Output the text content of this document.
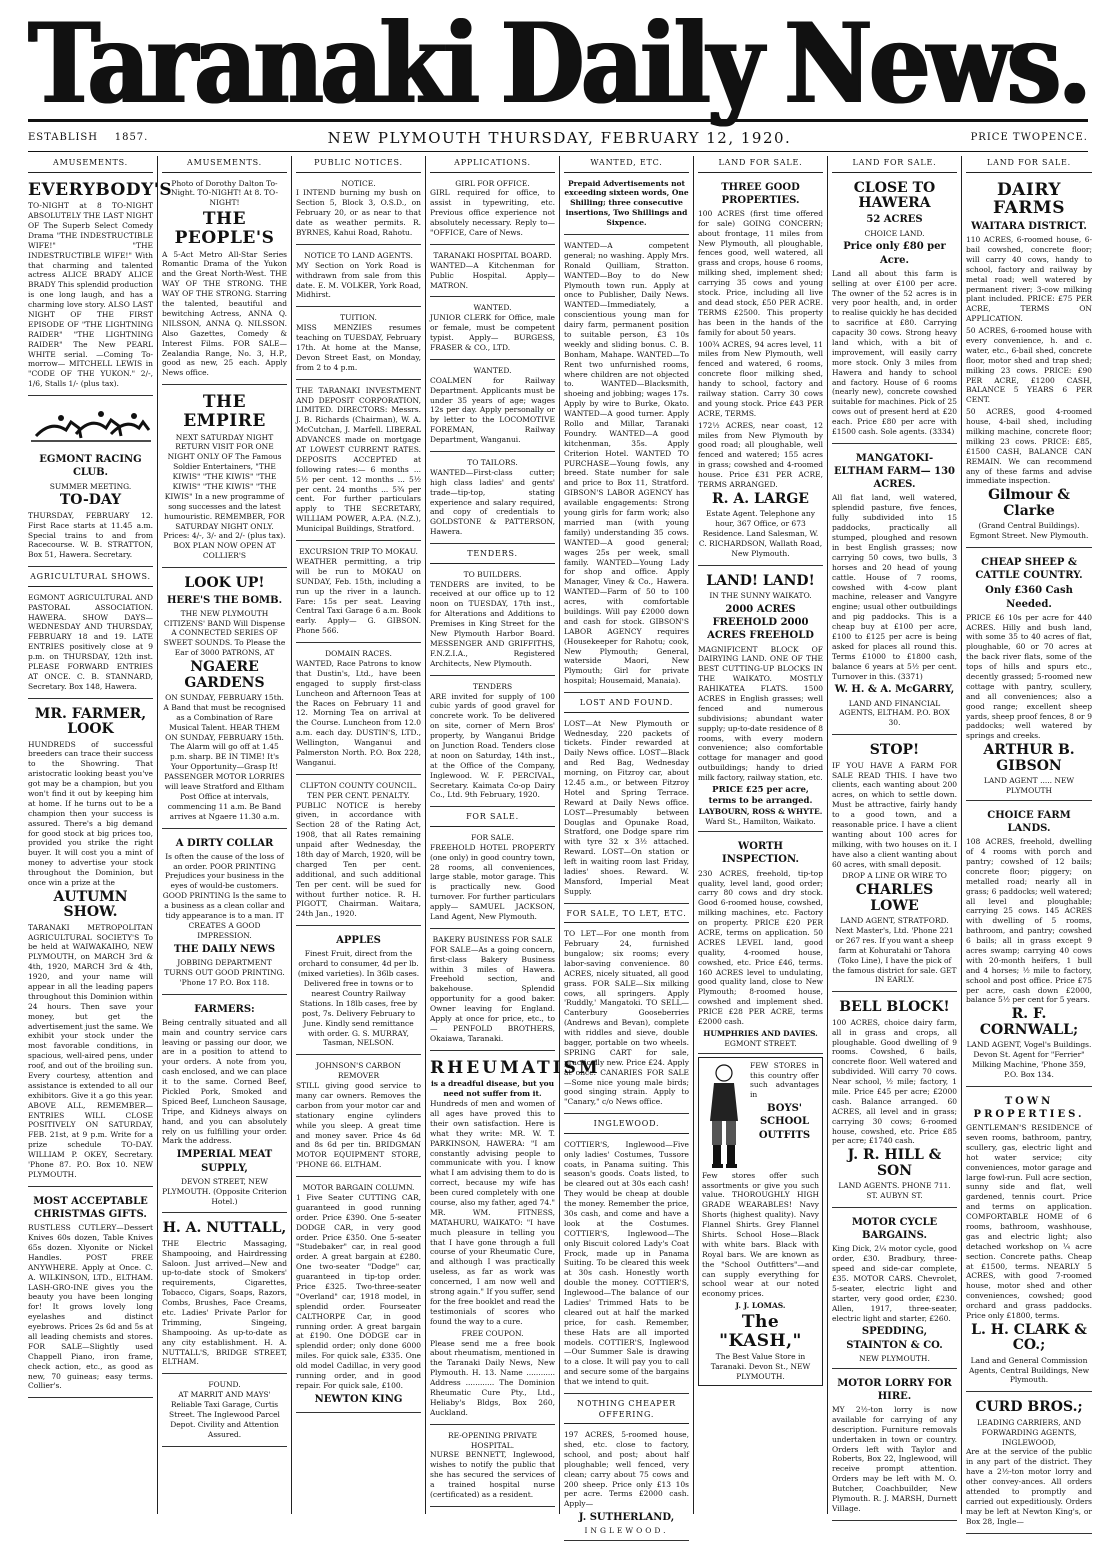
Taranaki Daily News.
ESTABLISH    1857.	NEW PLYMOUTH THURSDAY, FEBRUARY 12, 1920.	PRICE TWOPENCE.
AMUSEMENTS.
EVERYBODY'S

TO-NIGHT at 8 TO-NIGHT ABSOLUTELY THE LAST NIGHT OF The Superb Select Comedy Drama "THE INDESTRUCTIBLE WIFE!" "THE INDESTRUCTIBLE WIFE!" With that charming and talented actress ALICE BRADY ALICE BRADY This splendid production is one long laugh, and has a charming love story. ALSO LAST NIGHT OF THE FIRST EPISODE OF "THE LIGHTNING RAIDER" "THE LIGHTNING RAIDER" The New PEARL WHITE serial. —Coming To-morrow— MITCHELL LEWIS in "CODE OF THE YUKON." 2/-, 1/6, Stalls 1/- (plus tax).

EGMONT RACING CLUB.
SUMMER MEETING.
TO-DAY

THURSDAY, FEBRUARY 12. First Race starts at 11.45 a.m. Special trains to and from Racecourse. W. B. STRATTON, Box 51, Hawera. Secretary.

AGRICULTURAL SHOWS.

EGMONT AGRICULTURAL AND PASTORAL ASSOCIATION. HAWERA. SHOW DAYS— WEDNESDAY AND THURSDAY, FEBRUARY 18 and 19. LATE ENTRIES positively close at 9 p.m. on THURSDAY, 12th inst. PLEASE FORWARD ENTRIES AT ONCE. C. B. STANNARD, Secretary. Box 148, Hawera.

MR. FARMER, LOOK

HUNDREDS of successful breeders can trace their success to the Showring. That aristocratic looking beast you've got may be a champion, but you won't find it out by keeping him at home. If he turns out to be a champion then your success is assured. There's a big demand for good stock at big prices too, provided you strike the right buyer. It will cost you a mint of money to advertise your stock throughout the Dominion, but once win a prize at the

AUTUMN SHOW.

TARANAKI METROPOLITAN AGRICULTURAL SOCIETY'S To be held at WAIWAKAIHO, NEW PLYMOUTH, on MARCH 3rd & 4th, 1920, MARCH 3rd & 4th, 1920, and your name will appear in all the leading papers throughout this Dominion within 24 hours. Then save your money, but get the advertisement just the same. We exhibit your stock under the most favorable conditions, in spacious, well-aired pens, under roof, and out of the broiling sun. Every courtesy, attention and assistance is extended to all our exhibitors. Give it a go this year. ABOVE ALL, REMEMBER— ENTRIES WILL CLOSE POSITIVELY ON SATURDAY, FEB. 21st, at 9 p.m. Write for a prize schedule TO-DAY. WILLIAM P. OKEY, Secretary. 'Phone 87. P.O. Box 10. NEW PLYMOUTH.

MOST ACCEPTABLE CHRISTMAS GIFTS.

RUSTLESS CUTLERY—Dessert Knives 60s dozen, Table Knives 65s dozen. Xlyonite or Nickel Handles. POST FREE ANYWHERE. Apply at Once. C. A. WILKINSON, LTD., ELTHAM. LASH-GRO-INE gives you the beauty you have been longing for! It grows lovely long eyelashes and distinct eyebrows. Prices 2s 6d and 5s at all leading chemists and stores. FOR SALE—Slightly used Chappell Piano, iron frame, check action, etc., as good as new, 70 guineas; easy terms. Collier's.

AMUSEMENTS.

Photo of Dorothy Dalton To-Night. TO-NIGHT! At 8. TO-NIGHT!

THE PEOPLE'S

A 5-Act Metro All-Star Series Romantic Drama of the Yukon and the Great North-West. THE WAY OF THE STRONG. THE WAY OF THE STRONG. Starring the talented, beautiful and bewitching Actress, ANNA Q. NILSSON, ANNA Q. NILSSON. Also Gazettes, Comedy & Interest Films. FOR SALE—Zealandia Range, No. 3, H.P., good as new, 25 each. Apply News office.

THE EMPIRE

NEXT SATURDAY NIGHT RETURN VISIT FOR ONE NIGHT ONLY OF The Famous Soldier Entertainers, "THE KIWIS" "THE KIWIS" "THE KIWIS" "THE KIWIS" "THE KIWIS" In a new programme of song successes and the latest humouristic. REMEMBER, FOR SATURDAY NIGHT ONLY. Prices: 4/-, 3/- and 2/- (plus tax). BOX PLAN NOW OPEN AT COLLIER'S

LOOK UP!
HERE'S THE BOMB.

THE NEW PLYMOUTH CITIZENS' BAND Will Dispense A CONNECTED SERIES OF SWEET SOUNDS. To Please the Ear of 3000 PATRONS, AT

NGAERE GARDENS

ON SUNDAY, FEBRUARY 15th. A Band that must be recognised as a Combination of Rare Musical Talent. HEAR THEM ON SUNDAY, FEBRUARY 15th. The Alarm will go off at 1.45 p.m. sharp. BE IN TIME! It's Your Opportunity—Grasp It! PASSENGER MOTOR LORRIES will leave Stratford and Eltham Post Office at intervals, commencing 11 a.m. Be Band arrives at Ngaere 11.30 a.m.

A DIRTY COLLAR

Is often the cause of the loss of an order. POOR PRINTING Prejudices your business in the eyes of would-be customers. GOOD PRINTING Is the same to a business as a clean collar and tidy appearance is to a man. IT CREATES A GOOD IMPRESSION.

THE DAILY NEWS

JOBBING DEPARTMENT TURNS OUT GOOD PRINTING. 'Phone 17 P.O. Box 118.

FARMERS:

Being centrally situated and all main and country service cars leaving or passing our door, we are in a position to attend to your orders. A note from you, cash enclosed, and we can place it to the same. Corned Beef, Pickled Pork, Smoked and Spiced Beef, Luncheon Sausage, Tripe, and Kidneys always on hand, and you can absolutely rely on us fulfilling your order. Mark the address.

IMPERIAL MEAT SUPPLY,

DEVON STREET, NEW PLYMOUTH. (Opposite Criterion Hotel.)

H. A. NUTTALL,

THE Electric Massaging, Shampooing, and Hairdressing Saloon. Just arrived—New and up-to-date stock of Smokers' requirements, Cigarettes, Tobacco, Cigars, Soaps, Razors, Combs, Brushes, Face Creams, etc. Ladies' Private Parlor for Trimming, Singeing, Shampooing. As up-to-date as any city establishment. H. A. NUTTALL'S, BRIDGE STREET, ELTHAM.

FOUND.

AT MARRIT AND MAYS' Reliable Taxi Garage, Curtis Street. The Inglewood Parcel Depot. Civility and Attention Assured.

PUBLIC NOTICES.
NOTICE.

I INTEND burning my bush on Section 5, Block 3, O.S.D., on February 20, or as near to that date as weather permits. R. BYRNES, Kahui Road, Rahotu.

NOTICE TO LAND AGENTS.

MY Section on York Road is withdrawn from sale from this date. E. M. VOLKER, York Road, Midhirst.

TUITION.

MISS MENZIES resumes teaching on TUESDAY, February 17th. At home at the Manse, Devon Street East, on Monday, from 2 to 4 p.m.

THE TARANAKI INVESTMENT AND DEPOSIT CORPORATION, LIMITED. DIRECTORS: Messrs. J. B. Richards (Chairman), W. A. McCutchan, J. Marfell. LIBERAL ADVANCES made on mortgage AT LOWEST CURRENT RATES. DEPOSITS ACCEPTED at following rates:— 6 months ... 5½ per cent. 12 months ... 5½ per cent. 24 months ... 5¾ per cent. For further particulars apply to THE SECRETARY, WILLIAM POWER, A.P.A. (N.Z.), Municipal Buildings, Stratford.

EXCURSION TRIP TO MOKAU.

WEATHER permitting, a trip will be run to MOKAU on SUNDAY, Feb. 15th, including a run up the river in a launch. Fare: 15s per seat. Leaving Central Taxi Garage 6 a.m. Book early. Apply— G. GIBSON. Phone 566.

DOMAIN RACES.

WANTED, Race Patrons to know that Dustin's, Ltd., have been engaged to supply first-class Luncheon and Afternoon Teas at the Races on February 11 and 12. Morning Tea on arrival at the Course. Luncheon from 12.0 a.m. each day. DUSTIN'S, LTD., Wellington, Wanganui and Palmerston North. P.O. Box 228, Wanganui.

CLIFTON COUNTY COUNCIL.
TEN PER CENT. PENALTY.

PUBLIC NOTICE is hereby given, in accordance with Section 28 of the Rating Act, 1908, that all Rates remaining unpaid after Wednesday, the 18th day of March, 1920, will be charged Ten per cent. additional, and such additional Ten per cent. will be sued for without further notice. R. H. PIGOTT, Chairman. Waitara, 24th Jan., 1920.

APPLES

Finest Fruit, direct from the orchard to consumer, 4d per lb. (mixed varieties). In 36lb cases. Delivered free in towns or to nearest Country Railway Stations. In 18lb cases, free by post, 7s. Delivery February to June. Kindly send remittance with order. G. S. MURRAY, Tasman, NELSON.

JOHNSON'S CARBON REMOVER

STILL giving good service to many car owners. Removes the carbon from your motor car and stationary engine cylinders while you sleep. A great time and money saver. Price 4s 6d and 8s 6d per tin. BRIDGMAN MOTOR EQUIPMENT STORE, 'PHONE 66. ELTHAM.

MOTOR BARGAIN COLUMN.

1 Five Seater CUTTING CAR, guaranteed in good running order. Price £390. One 5-seater DODGE CAR, in very good order. Price £350. One 5-seater "Studebaker" car, in real good order. A great bargain at £280. One two-seater "Dodge" car, guaranteed in tip-top order. Price £325. Two-three-seater "Overland" car, 1918 model, in splendid order. Fourseater CALTHORPE Car, in good running order. A great bargain at £190. One DODGE car in splendid order; only done 6000 miles. For quick sale, £335. One old model Cadillac, in very good running order, and in good repair. For quick sale, £100.

NEWTON KING
APPLICATIONS.
GIRL FOR OFFICE.

GIRL required for office, to assist in typewriting, etc. Previous office experience not absolutely necessary. Reply to— "OFFICE, Care of News.

TARANAKI HOSPITAL BOARD.

WANTED—A Kitchenman for Public Hospital. Apply— MATRON.

WANTED.

JUNIOR CLERK for Office, male or female, must be competent typist. Apply— BURGESS, FRASER & CO., LTD.

WANTED.

COALMEN for Railway Department. Applicants must be under 35 years of age; wages 12s per day. Apply personally or by letter to the LOCOMOTIVE FOREMAN, Railway Department, Wanganui.

TO TAILORS.

WANTED—First-class cutter; high class ladies' and gents' trade—tip-top, stating experience and salary required, and copy of credentials to GOLDSTONE & PATTERSON, Hawera.

TENDERS.
TO BUILDERS.

TENDERS are invited, to be received at our office up to 12 noon on TUESDAY, 17th inst., for Alterations and Additions to Premises in King Street for the New Plymouth Harbor Board. MESSENGER AND GRIFFITHS, F.N.Z.I.A., Registered Architects, New Plymouth.

TENDERS

ARE invited for supply of 100 cubic yards of good gravel for concrete work. To be delivered on site, corner of Mern Bros' property, by Wanganui Bridge on Junction Road. Tenders close at noon on Saturday, 14th inst., at the Office of the Company, Inglewood. W. F. PERCIVAL, Secretary. Kaimata Co-op Dairy Co., Ltd. 9th February, 1920.

FOR SALE.
FOR SALE.

FREEHOLD HOTEL PROPERTY (one only) in good country town, 28 rooms, all conveniences, large stable, motor garage. This is practically new. Good turnover. For further particulars apply— SAMUEL JACKSON, Land Agent, New Plymouth.

BAKERY BUSINESS FOR SALE

FOR SALE—As a going concern, first-class Bakery Business within 3 miles of Hawera. Freehold section, and bakehouse. Splendid opportunity for a good baker. Owner leaving for England. Apply at once for price, etc., to— PENFOLD BROTHERS, Okaiawa, Taranaki.

RHEUMATISM
is a dreadful disease, but you need not suffer from it.

Hundreds of men and women of all ages have proved this to their own satisfaction. Here is what they write: MR. W. T. PARKINSON, HAWERA: "I am constantly advising people to communicate with you. I know what I am advising them to do is correct, because my wife has been cured completely with one course, also my father, aged 74." MR. WM. FITNESS, MATAHURU, WAIKATO: "I have much pleasure in telling you that I have gone through a full course of your Rheumatic Cure, and although I was practically useless, as far as work was concerned, I am now well and strong again." If you suffer, send for the free booklet and read the testimonials of scores who found the way to a cure.

FREE COUPON.

Please send me a free book about rheumatism, mentioned in the Taranaki Daily News, New Plymouth. H. 13. Name ............ Address ............ The Dominion Rheumatic Cure Pty., Ltd., Heliaby's Bldgs, Box 260, Auckland.

RE-OPENING PRIVATE HOSPITAL.

NURSE BENNETT, Inglewood, wishes to notify the public that she has secured the services of a trained hospital nurse (certificated) as a resident.

WANTED, ETC.

Prepaid Advertisements not exceeding sixteen words, One Shilling; three consecutive insertions, Two Shillings and Sixpence.

WANTED—A competent general; no washing. Apply Mrs. Ronald Quilliam, Stratton. WANTED—Boy to do New Plymouth town run. Apply at once to Publisher, Daily News. WANTED—Immediately, a conscientious young man for dairy farm, permanent position to suitable person, £3 10s weekly and sliding bonus. C. B. Bonham, Mahape. WANTED—To Rent two unfurnished rooms, where children are not objected to. WANTED—Blacksmith, shoeing and jobbing; wages 17s. Apply by wire to Burke, Okato. WANTED—A good turner. Apply Rollo and Millar, Taranaki Foundry. WANTED—A good kitchenman, 35s. Apply Criterion Hotel. WANTED TO PURCHASE—Young fowls, any breed. State number for sale and price to Box 11, Stratford. GIBSON'S LABOR AGENCY has available engagements: Strong young girls for farm work; also married man (with young family) understanding 35 cows. WANTED—A good general; wages 25s per week, small family. WANTED—Young Lady for shop and office. Apply Manager, Viney & Co., Hawera. WANTED—Farm of 50 to 100 acres, with comfortable buildings. Will pay £2000 down and cash for stock. GIBSON'S LABOR AGENCY requires (Housekeeper for Rahotu; cook, New Plymouth; General, waterside Maori, New Plymouth; Girl for private hospital; Housemaid, Manaia).

LOST AND FOUND.

LOST—At New Plymouth or Wednesday, 220 packets of tickets. Finder rewarded at Daily News office. LOST—Black and Red Bag, Wednesday morning, on Fitzroy car, about 12.45 a.m., or between Fitzroy Hotel and Spring Terrace. Reward at Daily News office. LOST—Presumably between Douglas and Opunake Road, Stratford, one Dodge spare rim with tyre 32 x 3½ attached. Reward. LOST—On station or left in waiting room last Friday, ladies' shoes. Reward. W. Mansford, Imperial Meat Supply.

FOR SALE, TO LET, ETC.

TO LET—For one month from February 24, furnished bungalow; six rooms; every labor-saving convenience. 80 ACRES, nicely situated, all good grass. FOR SALE—Six milking cows, all springers. Apply 'Ruddly,' Mangatoki. TO SELL—Canterbury Gooseberries (Andrews and Bevan), complete with riddles and sieve, double bagger, portable on two wheels. SPRING CART for sale, practically new. Price £24. Apply at once. CANARIES FOR SALE—Some nice young male birds; good singing strain. Apply to "Canary," c/o News office.

INGLEWOOD.

COTTIER'S, Inglewood—Five only ladies' Costumes, Tussore coats, in Panama suiting. This season's goods. Coats listed, to be cleared out at 30s each cash! They would be cheap at double the money. Remember the price, 30s cash, and come and have a look at the Costumes. COTTIER'S, Inglewood—The only Biscuit colored Lady's Coat Frock, made up in Panama Suiting. To be cleared this week at 30s cash. Honestly worth double the money. COTTIER'S, Inglewood—The balance of our Ladies' Trimmed Hats to be cleared out at half the marked price, for cash. Remember, these Hats are all imported models. COTTIER'S, Inglewood—Our Summer Sale is drawing to a close. It will pay you to call and secure some of the bargains that we intend to quit.

NOTHING CHEAPER OFFERING.

197 ACRES, 5-roomed house, shed, etc. close to factory, school, and post; about half ploughable; well fenced, very clean; carry about 75 cows and 200 sheep. Price only £13 10s per acre. Terms £2000 cash. Apply—

J. SUTHERLAND,
INGLEWOOD.
LAND FOR SALE.
THREE GOOD PROPERTIES.

100 ACRES (first time offered for sale) GOING CONCERN; about frontage, 11 miles from New Plymouth, all ploughable, fences good, well watered, all grass and crops, house 6 rooms, milking shed, implement shed; carrying 35 cows and young stock. Price, including all live and dead stock, £50 PER ACRE. TERMS £2500. This property has been in the hands of the family for about 50 years.

100¾ ACRES, 94 acres level, 11 miles from New Plymouth, well fenced and watered, 6 rooms, concrete floor milking shed, handy to school, factory and railway station. Carry 30 cows and young stock. Price £43 PER ACRE, TERMS.

172½ ACRES, near coast, 12 miles from New Plymouth by good road; all ploughable, well fenced and watered; 155 acres in grass; cowshed and 4-roomed house. Price £31 PER ACRE, TERMS ARRANGED.

R. A. LARGE

Estate Agent. Telephone any hour, 367 Office, or 673 Residence. Land Salesman, W. C. RICHARDSON, Wallath Road, New Plymouth.

LAND! LAND!
IN THE SUNNY WAIKATO.
2000 ACRES FREEHOLD 2000 ACRES FREEHOLD

MAGNIFICENT BLOCK OF DAIRYING LAND. ONE OF THE BEST CUTTING-UP BLOCKS IN THE WAIKATO. MOSTLY RAHIKATEA FLATS. 1500 ACRES in English grasses; well fenced and numerous subdivisions; abundant water supply; up-to-date residence of 8 rooms, with every modern convenience; also comfortable cottage for manager and good outbuildings; handy to dried milk factory, railway station, etc.

PRICE £25 per acre, terms to be arranged.
LAYBOURN, ROSS & WHYTE.
Ward St., Hamilton, Waikato.
WORTH INSPECTION.

230 ACRES, freehold, tip-top quality, level land, good order; carry 80 cows and dry stock. Good 6-roomed house, cowshed, milking machines, etc. Factory on property. PRICE £20 PER ACRE, terms on application. 50 ACRES LEVEL land, good quality, 4-roomed house, cowshed, etc. Price £46, terms. 160 ACRES level to undulating, good quality land, close to New Plymouth; 8-roomed house, cowshed and implement shed. PRICE £28 PER ACRE, terms £2000 cash.

HUMPHRIES AND DAVIES.
EGMONT STREET.

FEW STORES in this country offer such advantages in

BOYS' SCHOOL OUTFITS

Few stores offer such assortments or give you such value. THOROUGHLY HIGH GRADE WEARABLES! Navy Shorts (highest quality). Navy Flannel Shirts. Grey Flannel Shirts. School Hose—Black with white bars. Black with Royal bars. We are known as the "School Outfitters"—and can supply everything for school wear at our noted economy prices.

J. J. LOMAS.
The "KASH,"
The Best Value Store in Taranaki. Devon St., NEW PLYMOUTH.
LAND FOR SALE.
CLOSE TO HAWERA
52 ACRES
CHOICE LAND.
Price only £80 per Acre.

Land all about this farm is selling at over £100 per acre. The owner of the 52 acres is in very poor health, and, in order to realise quickly he has decided to sacrifice at £80. Carrying capacity 30 cows. Strong heavy land which, with a bit of improvement, will easily carry more stock. Only 3 miles from Hawera and handy to school and factory. House of 6 rooms (nearly new), concrete cowshed suitable for machines. Pick of 25 cows out of present herd at £20 each. Price £80 per acre with £1500 cash. Sole agents. (3334)

MANGATOKI-ELTHAM FARM— 130 ACRES.

All flat land, well watered, splendid pasture, five fences, fully subdivided into 15 paddocks, practically all stumped, ploughed and resown in best English grasses; now carrying 50 cows, two bulls, 3 horses and 20 head of young cattle. House of 7 rooms, cowshed with 4-cow plant machine, releaser and Vangyre engine; usual other outbuildings and pig paddocks. This is a cheap buy at £100 per acre, £100 to £125 per acre is being asked for places all round this. Terms £1000 to £1800 cash, balance 6 years at 5½ per cent. Turnover in this. (3371)

W. H. & A. McGARRY,

LAND AND FINANCIAL AGENTS, ELTHAM. P.O. BOX 30.

STOP!

IF YOU HAVE A FARM FOR SALE READ THIS. I have two clients, each wanting about 200 acres, on which to settle down. Must be attractive, fairly handy to a good town, and a reasonable price. I have a client wanting about 100 acres for milking, with two houses on it. I have also a client wanting about 60 acres, with small deposit.

DROP A LINE OR WIRE TO
CHARLES LOWE

LAND AGENT, STRATFORD. Next Master's, Ltd. 'Phone 221 or 267 res. If you want a sheep farm at Kohuratahi or Tahora (Toko Line), I have the pick of the famous district for sale. GET IN EARLY.

BELL BLOCK!

100 ACRES, choice dairy farm, all in grass and crops, all ploughable. Good dwelling of 9 rooms. Cowshed, 6 bails, concrete floor. Well watered and subdivided. Will carry 70 cows. Near school, ½ mile; factory, 1 mile. Price £45 per acre; £2000 cash. Balance arranged. 60 ACRES, all level and in grass; carrying 30 cows; 6-roomed house, cowshed, etc. Price £85 per acre; £1740 cash.

J. R. HILL & SON

LAND AGENTS. PHONE 711. ST. AUBYN ST.

MOTOR CYCLE BARGAINS.

King Dick, 2¼ motor cycle, good order, £30. Bradbury, three-speed and side-car complete, £35. MOTOR CARS. Chevrolet, 5-seater, electric light and starter, very good order, £230. Allen, 1917, three-seater, electric light and starter, £260.

SPEDDING, STAINTON & CO.
NEW PLYMOUTH.
MOTOR LORRY FOR HIRE.

MY 2½-ton lorry is now available for carrying of any description. Furniture removals undertaken in town or country. Orders left with Taylor and Roberts, Box 22, Inglewood, will receive prompt attention. Orders may be left with M. O. Butcher, Coachbuilder, New Plymouth. R. J. MARSH, Durnett Village.

LAND FOR SALE.
DAIRY FARMS
WAITARA DISTRICT.

110 ACRES, 6-roomed house, 6-bail cowshed, concrete floor; will carry 40 cows, handy to school, factory and railway by metal road; well watered by permanent river; 3-cow milking plant included. PRICE: £75 PER ACRE, TERMS ON APPLICATION.

50 ACRES, 6-roomed house with every convenience, h. and c. water, etc., 6-bail shed, concrete floor, motor shed and trap shed; milking 23 cows. PRICE: £90 PER ACRE, £1200 CASH, BALANCE 5 YEARS 6 PER CENT.

50 ACRES, good 4-roomed house, 4-bail shed, including milking machine, concrete floor; milking 23 cows. PRICE: £85, £1500 CASH, BALANCE CAN REMAIN. We can recommend any of these farms and advise immediate inspection.

Gilmour & Clarke

(Grand Central Buildings). Egmont Street. New Plymouth.

CHEAP SHEEP & CATTLE COUNTRY.
Only £360 Cash Needed.

PRICE £6 10s per acre for 440 ACRES. Hilly and bush land, with some 35 to 40 acres of flat, ploughable, 60 or 70 acres at the back river flats, some of the tops of hills and spurs etc., decently grassed; 5-roomed new cottage with pantry, scullery, and all conveniences; also a good range; excellent sheep yards, sheep proof fences, 8 or 9 paddocks; well watered by springs and creeks.

ARTHUR B. GIBSON
LAND AGENT ..... NEW PLYMOUTH
CHOICE FARM LANDS.

108 ACRES, freehold, dwelling of 4 rooms with porch and pantry; cowshed of 12 bails; concrete floor; piggery; on metalled road; nearly all in grass; 6 paddocks; well watered; all level and ploughable; carrying 25 cows. 145 ACRES with dwelling of 5 rooms, bathroom, and pantry; cowshed 6 bails; all in grass except 9 acres swamp; carrying 40 cows with 20-month heifers, 1 bull and 4 horses; ½ mile to factory, school and post office. Price £75 per acre, cash down £2000, balance 5½ per cent for 5 years.

R. F. CORNWALL;

LAND AGENT, Vogel's Buildings. Devon St. Agent for "Ferrier" Milking Machine, 'Phone 359, P.O. Box 134.

TOWN PROPERTIES.

GENTLEMAN'S RESIDENCE of seven rooms, bathroom, pantry, scullery, gas, electric light and hot water service; city conveniences, motor garage and large fowl-run. Full acre section, sunny side and flat, well gardened, tennis court. Price and terms on application. COMFORTABLE HOME of 6 rooms, bathroom, washhouse, gas and electric light; also detached workshop on ¼ acre section. Concrete paths. Cheap at £1500, terms. NEARLY 5 ACRES, with good 7-roomed house, motor shed and other conveniences, cowshed; good orchard and grass paddocks. Price only £1800, terms.

L. H. CLARK & CO.;

Land and General Commission Agents, Central Buildings, New Plymouth.

CURD BROS.;
LEADING CARRIERS, AND FORWARDING AGENTS, INGLEWOOD,

Are at the service of the public in any part of the district. They have a 2½-ton motor lorry and other convey-ances. All orders attended to promptly and carried out expeditiously. Orders may be left at Newton King's, or Box 28, Ingle—
